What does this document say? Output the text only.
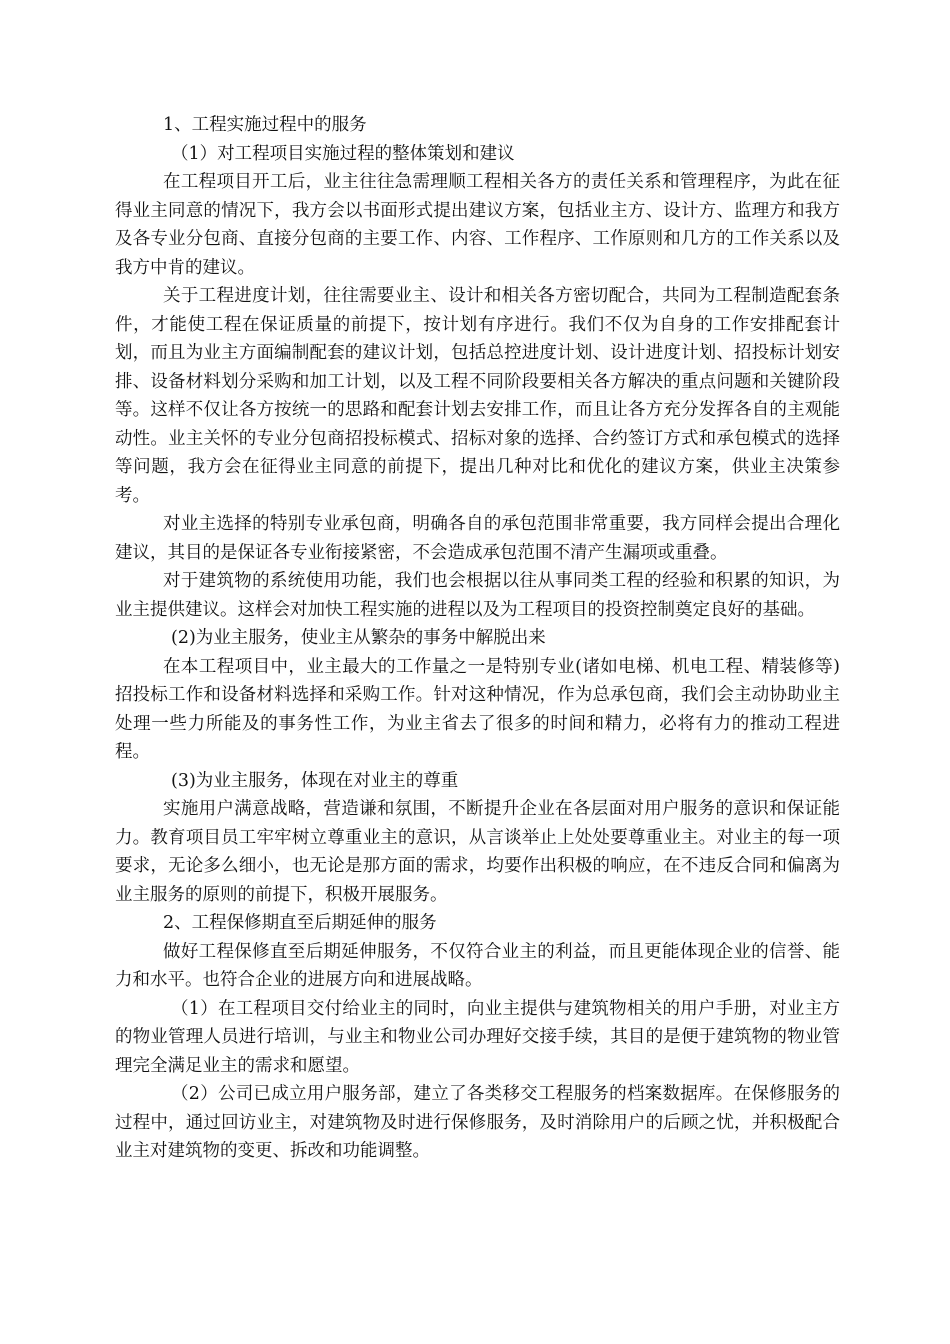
1、工程实施过程中的服务

（1）对工程项目实施过程的整体策划和建议

在工程项目开工后，业主往往急需理顺工程相关各方的责任关系和管理程序，为此在征得业主同意的情况下，我方会以书面形式提出建议方案，包括业主方、设计方、监理方和我方及各专业分包商、直接分包商的主要工作、内容、工作程序、工作原则和几方的工作关系以及我方中肯的建议。

关于工程进度计划，往往需要业主、设计和相关各方密切配合，共同为工程制造配套条件，才能使工程在保证质量的前提下，按计划有序进行。我们不仅为自身的工作安排配套计划，而且为业主方面编制配套的建议计划，包括总控进度计划、设计进度计划、招投标计划安排、设备材料划分采购和加工计划，以及工程不同阶段要相关各方解决的重点问题和关键阶段等。这样不仅让各方按统一的思路和配套计划去安排工作，而且让各方充分发挥各自的主观能动性。业主关怀的专业分包商招投标模式、招标对象的选择、合约签订方式和承包模式的选择等问题，我方会在征得业主同意的前提下，提出几种对比和优化的建议方案，供业主决策参考。

对业主选择的特别专业承包商，明确各自的承包范围非常重要，我方同样会提出合理化建议，其目的是保证各专业衔接紧密，不会造成承包范围不清产生漏项或重叠。

对于建筑物的系统使用功能，我们也会根据以往从事同类工程的经验和积累的知识，为业主提供建议。这样会对加快工程实施的进程以及为工程项目的投资控制奠定良好的基础。

(2)为业主服务，使业主从繁杂的事务中解脱出来

在本工程项目中，业主最大的工作量之一是特别专业(诸如电梯、机电工程、精装修等)招投标工作和设备材料选择和采购工作。针对这种情况，作为总承包商，我们会主动协助业主处理一些力所能及的事务性工作，为业主省去了很多的时间和精力，必将有力的推动工程进程。

(3)为业主服务，体现在对业主的尊重

实施用户满意战略，营造谦和氛围，不断提升企业在各层面对用户服务的意识和保证能力。教育项目员工牢牢树立尊重业主的意识，从言谈举止上处处要尊重业主。对业主的每一项要求，无论多么细小，也无论是那方面的需求，均要作出积极的响应，在不违反合同和偏离为业主服务的原则的前提下，积极开展服务。

2、工程保修期直至后期延伸的服务

做好工程保修直至后期延伸服务，不仅符合业主的利益，而且更能体现企业的信誉、能力和水平。也符合企业的进展方向和进展战略。

（1）在工程项目交付给业主的同时，向业主提供与建筑物相关的用户手册，对业主方的物业管理人员进行培训，与业主和物业公司办理好交接手续，其目的是便于建筑物的物业管理完全满足业主的需求和愿望。

（2）公司已成立用户服务部，建立了各类移交工程服务的档案数据库。在保修服务的过程中，通过回访业主，对建筑物及时进行保修服务，及时消除用户的后顾之忧，并积极配合业主对建筑物的变更、拆改和功能调整。
